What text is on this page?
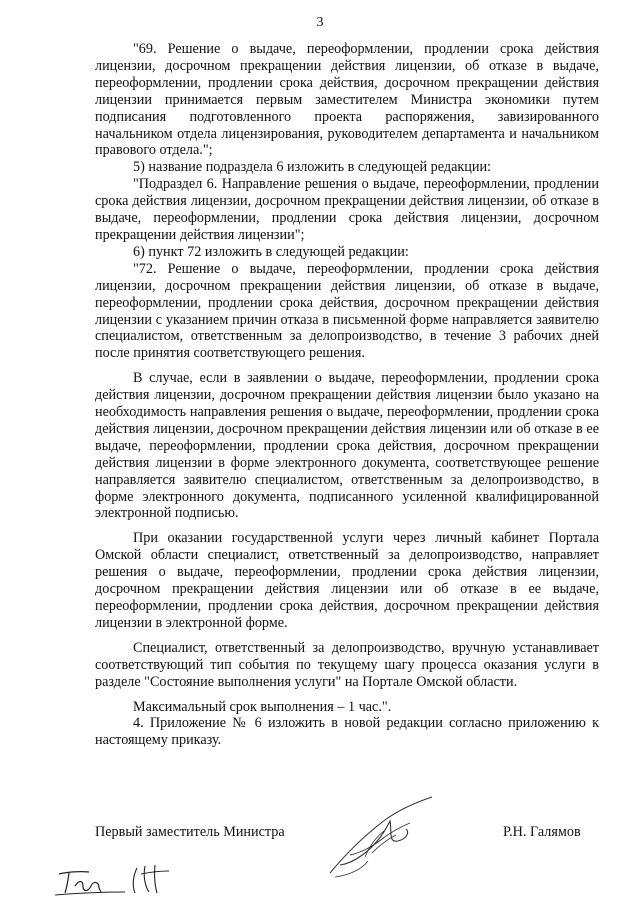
3

"69. Решение о выдаче, переоформлении, продлении срока действия лицензии, досрочном прекращении действия лицензии, об отказе в выдаче, переоформлении, продлении срока действия, досрочном прекращении действия лицензии принимается первым заместителем Министра экономики путем подписания подготовленного проекта распоряжения, завизированного начальником отдела лицензирования, руководителем департамента и начальником правового отдела.";

5) название подраздела 6 изложить в следующей редакции:

"Подраздел 6. Направление решения о выдаче, переоформлении, продлении срока действия лицензии, досрочном прекращении действия лицензии, об отказе в выдаче, переоформлении, продлении срока действия лицензии, досрочном прекращении действия лицензии";

6) пункт 72 изложить в следующей редакции:

"72. Решение о выдаче, переоформлении, продлении срока действия лицензии, досрочном прекращении действия лицензии, об отказе в выдаче, переоформлении, продлении срока действия, досрочном прекращении действия лицензии с указанием причин отказа в письменной форме направляется заявителю специалистом, ответственным за делопроизводство, в течение 3 рабочих дней после принятия соответствующего решения.

В случае, если в заявлении о выдаче, переоформлении, продлении срока действия лицензии, досрочном прекращении действия лицензии было указано на необходимость направления решения о выдаче, переоформлении, продлении срока действия лицензии, досрочном прекращении действия лицензии или об отказе в ее выдаче, переоформлении, продлении срока действия, досрочном прекращении действия лицензии в форме электронного документа, соответствующее решение направляется заявителю специалистом, ответственным за делопроизводство, в форме электронного документа, подписанного усиленной квалифицированной электронной подписью.

При оказании государственной услуги через личный кабинет Портала Омской области специалист, ответственный за делопроизводство, направляет решения о выдаче, переоформлении, продлении срока действия лицензии, досрочном прекращении действия лицензии или об отказе в ее выдаче, переоформлении, продлении срока действия, досрочном прекращении действия лицензии в электронной форме.

Специалист, ответственный за делопроизводство, вручную устанавливает соответствующий тип события по текущему шагу процесса оказания услуги в разделе "Состояние выполнения услуги" на Портале Омской области.

Максимальный срок выполнения – 1 час.".

4. Приложение № 6 изложить в новой редакции согласно приложению к настоящему приказу.

Первый заместитель Министра	Р.Н. Галямов
